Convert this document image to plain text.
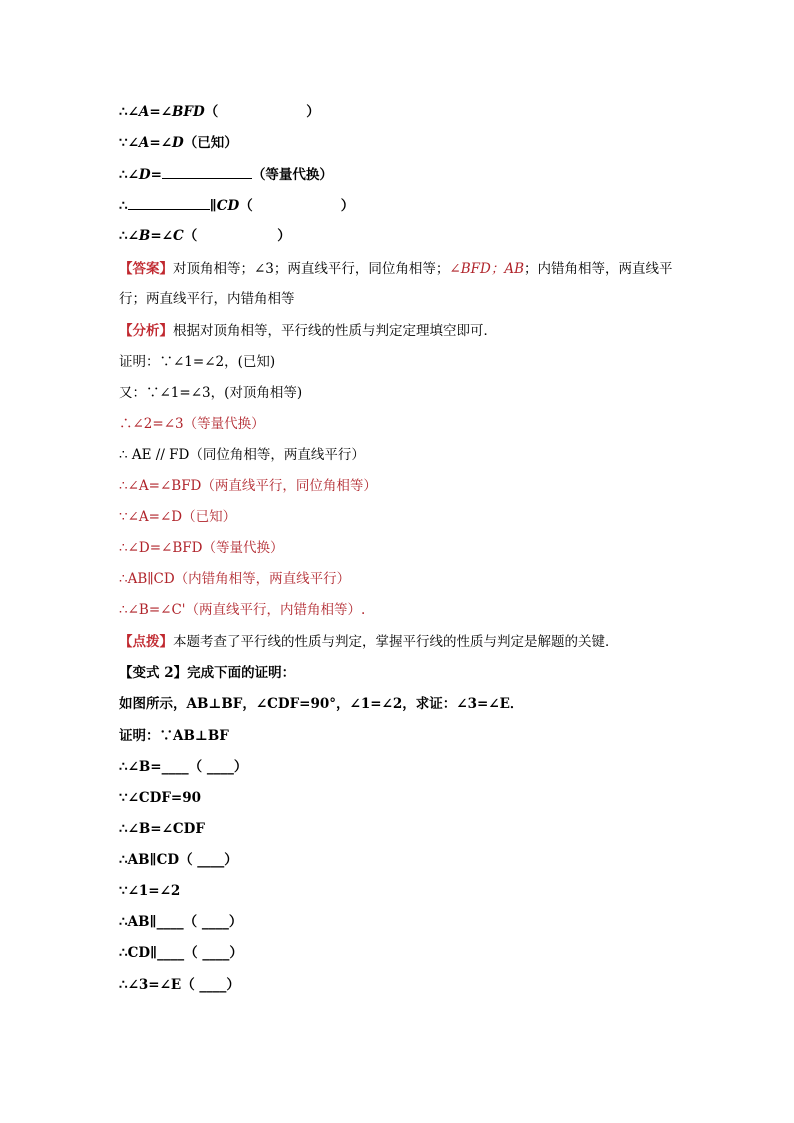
∴∠A=∠BFD（	）
∵∠A=∠D（已知）
∴∠D=	（等量代换）
∴	∥CD（	）
∴∠B=∠C（	）
【答案】对顶角相等；∠3；两直线平行，同位角相等；∠BFD；AB；内错角相等，两直线平
行；两直线平行，内错角相等
【分析】根据对顶角相等，平行线的性质与判定定理填空即可．
证明：∵∠1=∠2，(已知)
又：∵∠1=∠3，(对顶角相等)
∴∠2=∠3（等量代换）
∴ AE // FD（同位角相等，两直线平行）
∴∠A=∠BFD（两直线平行，同位角相等）
∵∠A=∠D（已知）
∴∠D=∠BFD（等量代换）
∴AB∥CD（内错角相等，两直线平行）
∴∠B=∠C'（两直线平行，内错角相等）.
【点拨】本题考查了平行线的性质与判定，掌握平行线的性质与判定是解题的关键．
【变式 2】完成下面的证明：
如图所示，AB⊥BF，∠CDF=90°，∠1=∠2，求证：∠3=∠E．
证明：∵AB⊥BF
∴∠B=____（ ____）
∵∠CDF=90
∴∠B=∠CDF
∴AB∥CD（ ____）
∵∠1=∠2
∴AB∥____（ ____）
∴CD∥____（ ____）
∴∠3=∠E（ ____）
